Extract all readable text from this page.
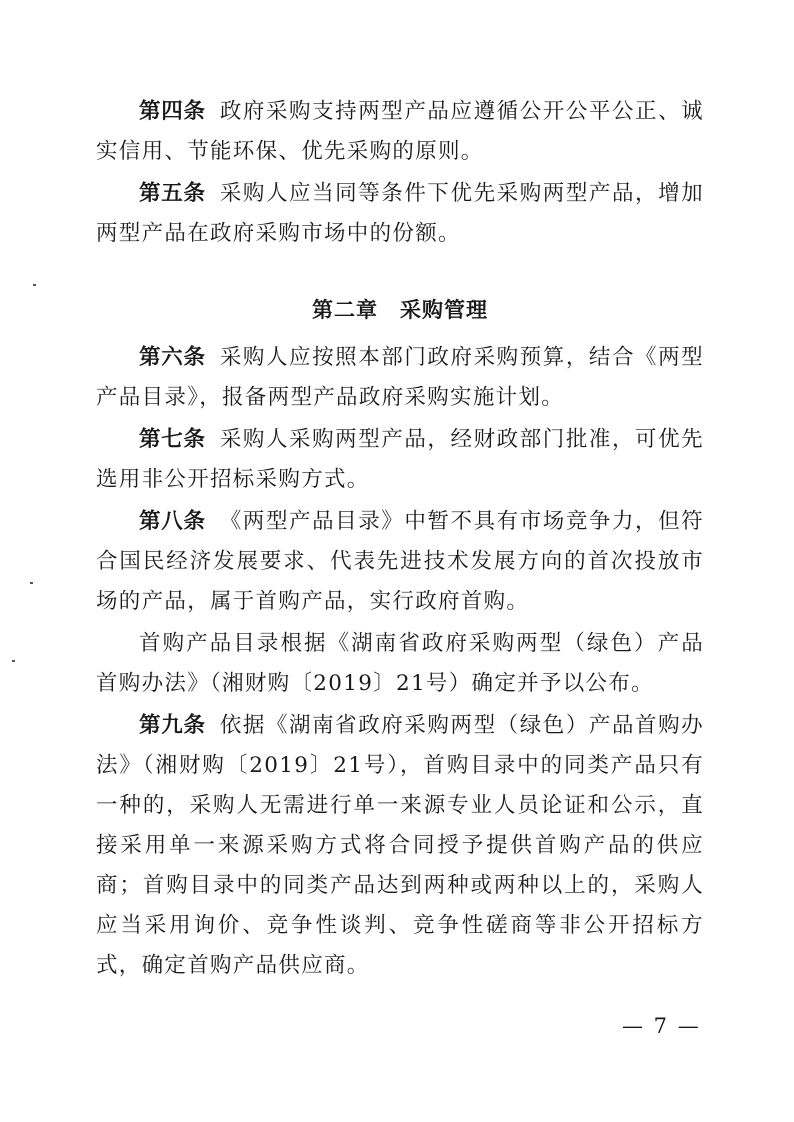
第四条 政府采购支持两型产品应遵循公开公平公正、诚实信用、节能环保、优先采购的原则。

第五条 采购人应当同等条件下优先采购两型产品，增加两型产品在政府采购市场中的份额。

第二章 采购管理

第六条 采购人应按照本部门政府采购预算，结合《两型产品目录》，报备两型产品政府采购实施计划。

第七条 采购人采购两型产品，经财政部门批准，可优先选用非公开招标采购方式。

第八条 《两型产品目录》中暂不具有市场竞争力，但符合国民经济发展要求、代表先进技术发展方向的首次投放市场的产品，属于首购产品，实行政府首购。

首购产品目录根据《湖南省政府采购两型（绿色）产品首购办法》（湘财购〔2019〕21号）确定并予以公布。

第九条 依据《湖南省政府采购两型（绿色）产品首购办法》（湘财购〔2019〕21号），首购目录中的同类产品只有一种的，采购人无需进行单一来源专业人员论证和公示，直接采用单一来源采购方式将合同授予提供首购产品的供应商；首购目录中的同类产品达到两种或两种以上的，采购人应当采用询价、竞争性谈判、竞争性磋商等非公开招标方式，确定首购产品供应商。

— 7 —
